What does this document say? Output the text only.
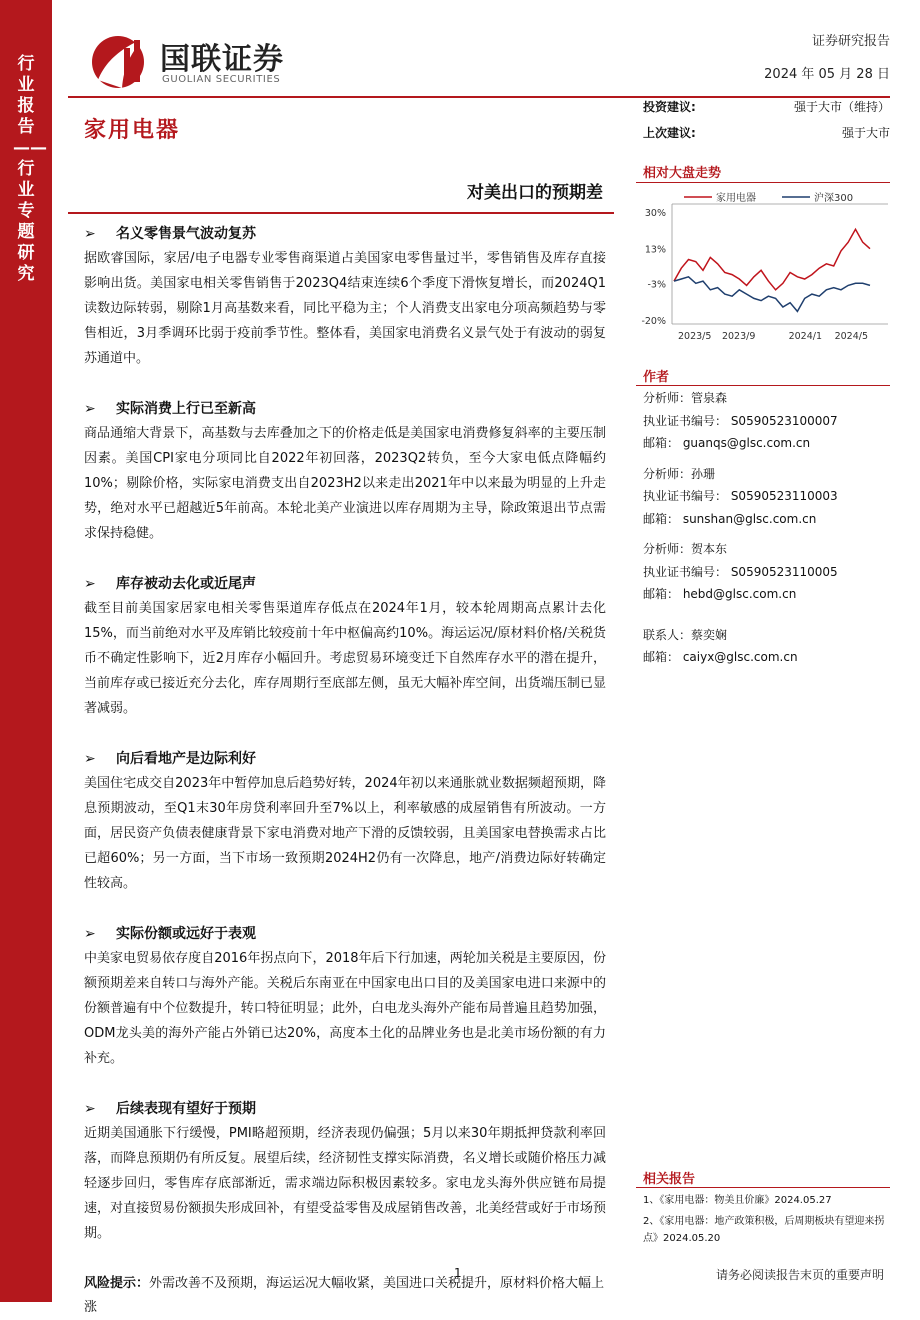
行业报告——行业专题研究
国联证券
GUOLIAN SECURITIES
证券研究报告
2024 年 05 月 28 日
家用电器
对美出口的预期差
➢ 名义零售景气波动复苏
据欧睿国际，家居/电子电器专业零售商渠道占美国家电零售量过半，零售销售及库存直接影响出货。美国家电相关零售销售于2023Q4结束连续6个季度下滑恢复增长，而2024Q1读数边际转弱，剔除1月高基数来看，同比平稳为主；个人消费支出家电分项高频趋势与零售相近，3月季调环比弱于疫前季节性。整体看，美国家电消费名义景气处于有波动的弱复苏通道中。
➢ 实际消费上行已至新高
商品通缩大背景下，高基数与去库叠加之下的价格走低是美国家电消费修复斜率的主要压制因素。美国CPI家电分项同比自2022年初回落，2023Q2转负，至今大家电低点降幅约10%；剔除价格，实际家电消费支出自2023H2以来走出2021年中以来最为明显的上升走势，绝对水平已超越近5年前高。本轮北美产业演进以库存周期为主导，除政策退出节点需求保持稳健。
➢ 库存被动去化或近尾声
截至目前美国家居家电相关零售渠道库存低点在2024年1月，较本轮周期高点累计去化15%，而当前绝对水平及库销比较疫前十年中枢偏高约10%。海运运况/原材料价格/关税货币不确定性影响下，近2月库存小幅回升。考虑贸易环境变迁下自然库存水平的潜在提升，当前库存或已接近充分去化，库存周期行至底部左侧，虽无大幅补库空间，出货端压制已显著减弱。
➢ 向后看地产是边际利好
美国住宅成交自2023年中暂停加息后趋势好转，2024年初以来通胀就业数据频超预期，降息预期波动，至Q1末30年房贷利率回升至7%以上，利率敏感的成屋销售有所波动。一方面，居民资产负债表健康背景下家电消费对地产下滑的反馈较弱，且美国家电替换需求占比已超60%；另一方面，当下市场一致预期2024H2仍有一次降息，地产/消费边际好转确定性较高。
➢ 实际份额或远好于表观
中美家电贸易依存度自2016年拐点向下，2018年后下行加速，两轮加关税是主要原因，份额预期差来自转口与海外产能。关税后东南亚在中国家电出口目的及美国家电进口来源中的份额普遍有中个位数提升，转口特征明显；此外，白电龙头海外产能布局普遍且趋势加强，ODM龙头美的海外产能占外销已达20%，高度本土化的品牌业务也是北美市场份额的有力补充。
➢ 后续表现有望好于预期
近期美国通胀下行缓慢，PMI略超预期，经济表现仍偏强；5月以来30年期抵押贷款利率回落，而降息预期仍有所反复。展望后续，经济韧性支撑实际消费，名义增长或随价格压力减轻逐步回归，零售库存底部渐近，需求端边际积极因素较多。家电龙头海外供应链布局提速，对直接贸易份额损失形成回补，有望受益零售及成屋销售改善，北美经营或好于市场预期。
风险提示：外需改善不及预期，海运运况大幅收紧，美国进口关税提升，原材料价格大幅上涨
投资建议:	强于大市（维持）
上次建议:	强于大市
相对大盘走势
家用电器	沪深300
30%
13%
-3%
-20%
2023/5 2023/9	2024/1 2024/5
作者
分析师：管泉森
执业证书编号： S0590523100007
邮箱： guanqs@glsc.com.cn
分析师：孙珊
执业证书编号： S0590523110003
邮箱： sunshan@glsc.com.cn
分析师：贺本东
执业证书编号： S0590523110005
邮箱： hebd@glsc.com.cn
联系人：蔡奕娴
邮箱： caiyx@glsc.com.cn
相关报告
1、《家用电器：物美且价廉》2024.05.27
2、《家用电器：地产政策积极，后周期板块有望迎来拐点》2024.05.20
1	请务必阅读报告末页的重要声明
